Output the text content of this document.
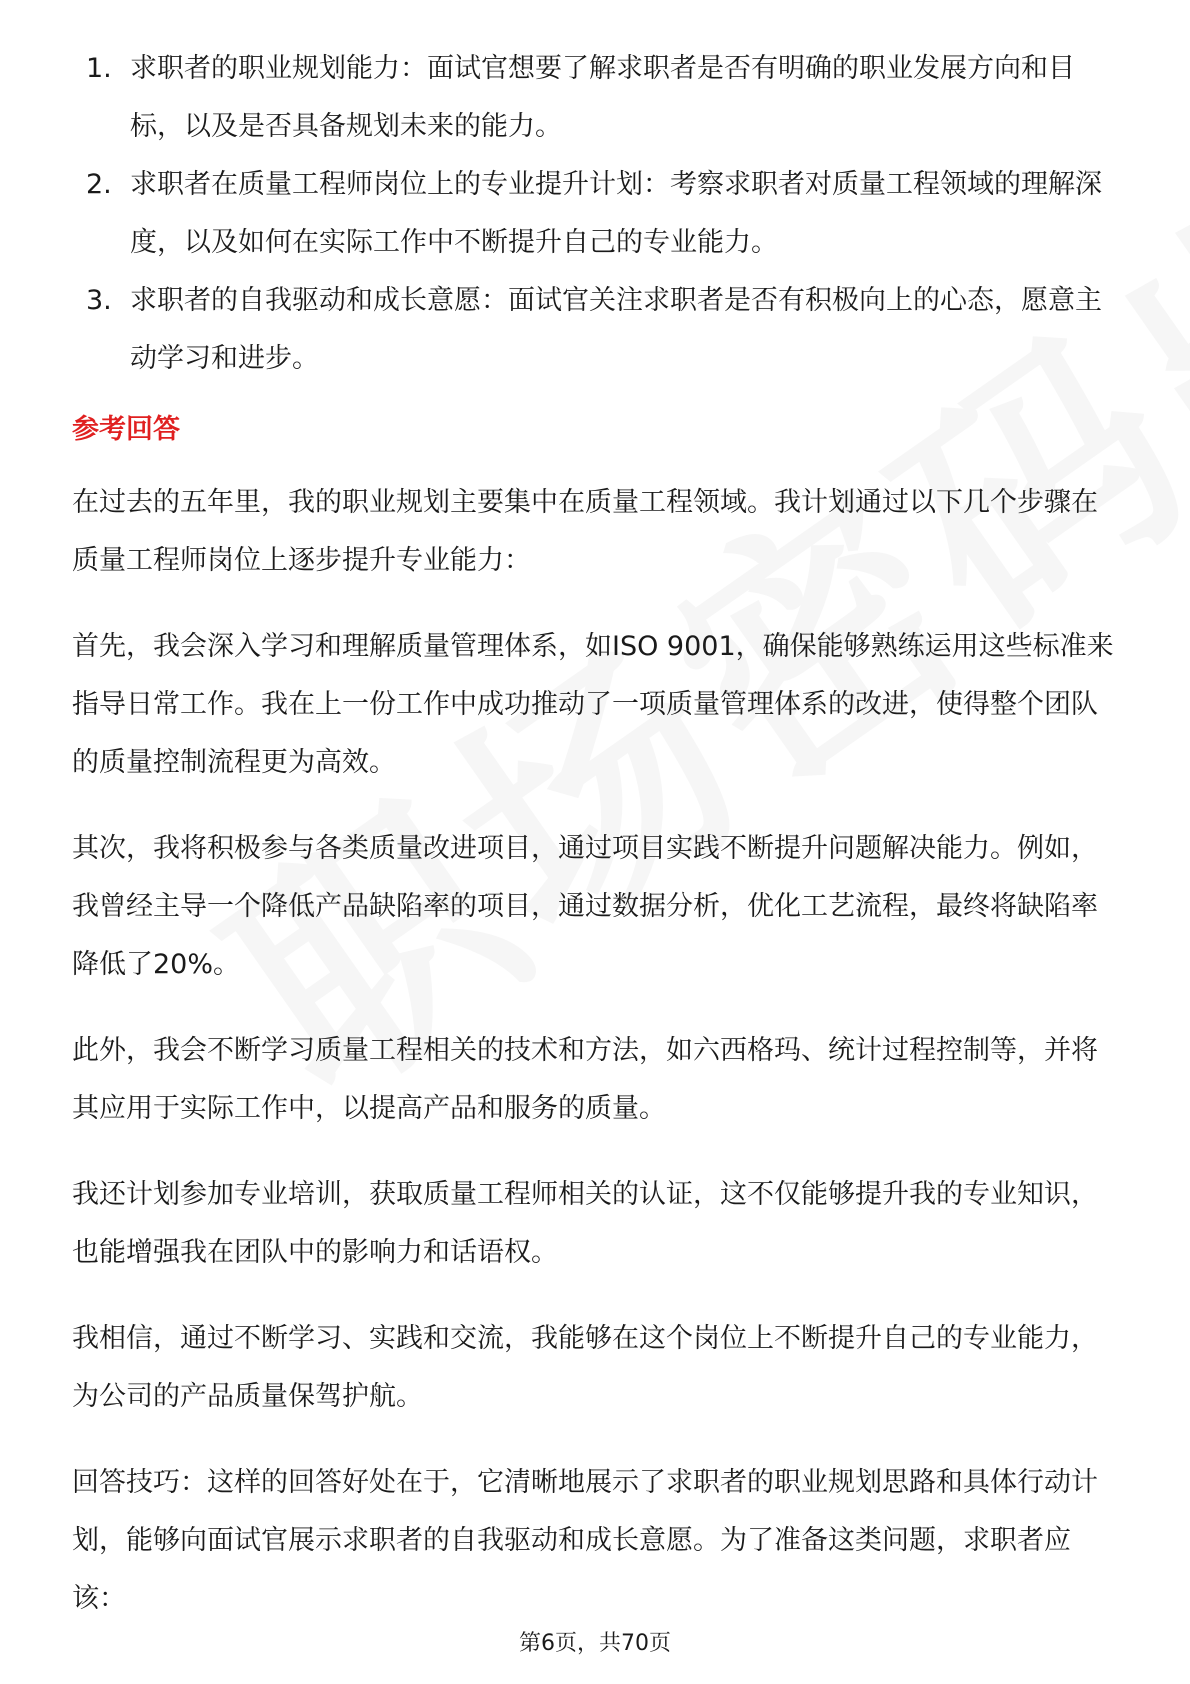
1. 求职者的职业规划能力：面试官想要了解求职者是否有明确的职业发展方向和目标，以及是否具备规划未来的能力。
2. 求职者在质量工程师岗位上的专业提升计划：考察求职者对质量工程领域的理解深度，以及如何在实际工作中不断提升自己的专业能力。
3. 求职者的自我驱动和成长意愿：面试官关注求职者是否有积极向上的心态，愿意主动学习和进步。
参考回答

在过去的五年里，我的职业规划主要集中在质量工程领域。我计划通过以下几个步骤在质量工程师岗位上逐步提升专业能力：

首先，我会深入学习和理解质量管理体系，如ISO 9001，确保能够熟练运用这些标准来指导日常工作。我在上一份工作中成功推动了一项质量管理体系的改进，使得整个团队的质量控制流程更为高效。

其次，我将积极参与各类质量改进项目，通过项目实践不断提升问题解决能力。例如，我曾经主导一个降低产品缺陷率的项目，通过数据分析，优化工艺流程，最终将缺陷率降低了20%。

此外，我会不断学习质量工程相关的技术和方法，如六西格玛、统计过程控制等，并将其应用于实际工作中，以提高产品和服务的质量。

我还计划参加专业培训，获取质量工程师相关的认证，这不仅能够提升我的专业知识，也能增强我在团队中的影响力和话语权。

我相信，通过不断学习、实践和交流，我能够在这个岗位上不断提升自己的专业能力，为公司的产品质量保驾护航。

回答技巧：这样的回答好处在于，它清晰地展示了求职者的职业规划思路和具体行动计划，能够向面试官展示求职者的自我驱动和成长意愿。为了准备这类问题，求职者应该：

第6页，共70页
